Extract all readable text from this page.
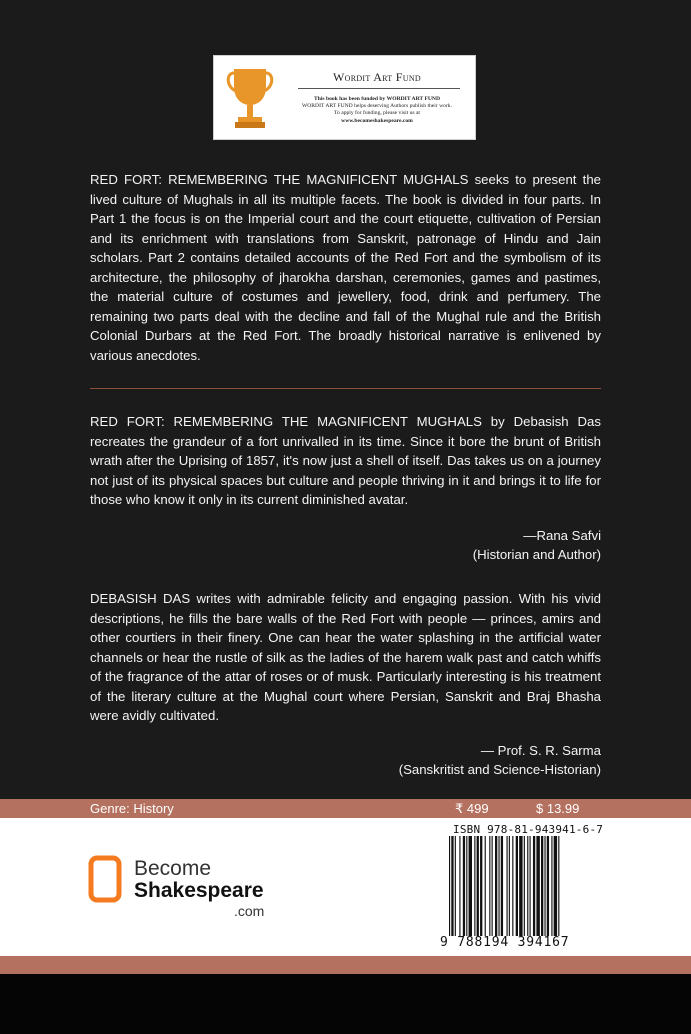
Wordit Art Fund
This book has been funded by WORDIT ART FUND
WORDIT ART FUND helps deserving Authors publish their work.
To apply for funding, please visit us at
www.becomeshakespeare.com

RED FORT: REMEMBERING THE MAGNIFICENT MUGHALS seeks to present the lived culture of Mughals in all its multiple facets. The book is divided in four parts. In Part 1 the focus is on the Imperial court and the court etiquette, cultivation of Persian and its enrichment with translations from Sanskrit, patronage of Hindu and Jain scholars. Part 2 contains detailed accounts of the Red Fort and the symbolism of its architecture, the philosophy of jharokha darshan, ceremonies, games and pastimes, the material culture of costumes and jewellery, food, drink and perfumery. The remaining two parts deal with the decline and fall of the Mughal rule and the British Colonial Durbars at the Red Fort. The broadly historical narrative is enlivened by various anecdotes.

RED FORT: REMEMBERING THE MAGNIFICENT MUGHALS by Debasish Das recreates the grandeur of a fort unrivalled in its time. Since it bore the brunt of British wrath after the Uprising of 1857, it's now just a shell of itself. Das takes us on a journey not just of its physical spaces but culture and people thriving in it and brings it to life for those who know it only in its current diminished avatar.

—Rana Safvi
(Historian and Author)

DEBASISH DAS writes with admirable felicity and engaging passion. With his vivid descriptions, he fills the bare walls of the Red Fort with people — princes, amirs and other courtiers in their finery. One can hear the water splashing in the artificial water channels or hear the rustle of silk as the ladies of the harem walk past and catch whiffs of the fragrance of the attar of roses or of musk. Particularly interesting is his treatment of the literary culture at the Mughal court where Persian, Sanskrit and Braj Bhasha were avidly cultivated.

— Prof. S. R. Sarma
(Sanskritist and Science-Historian)
Genre: History	₹ 499	$ 13.99
Become
Shakespeare
.com
ISBN 978-81-943941-6-7
9 788194 394167
